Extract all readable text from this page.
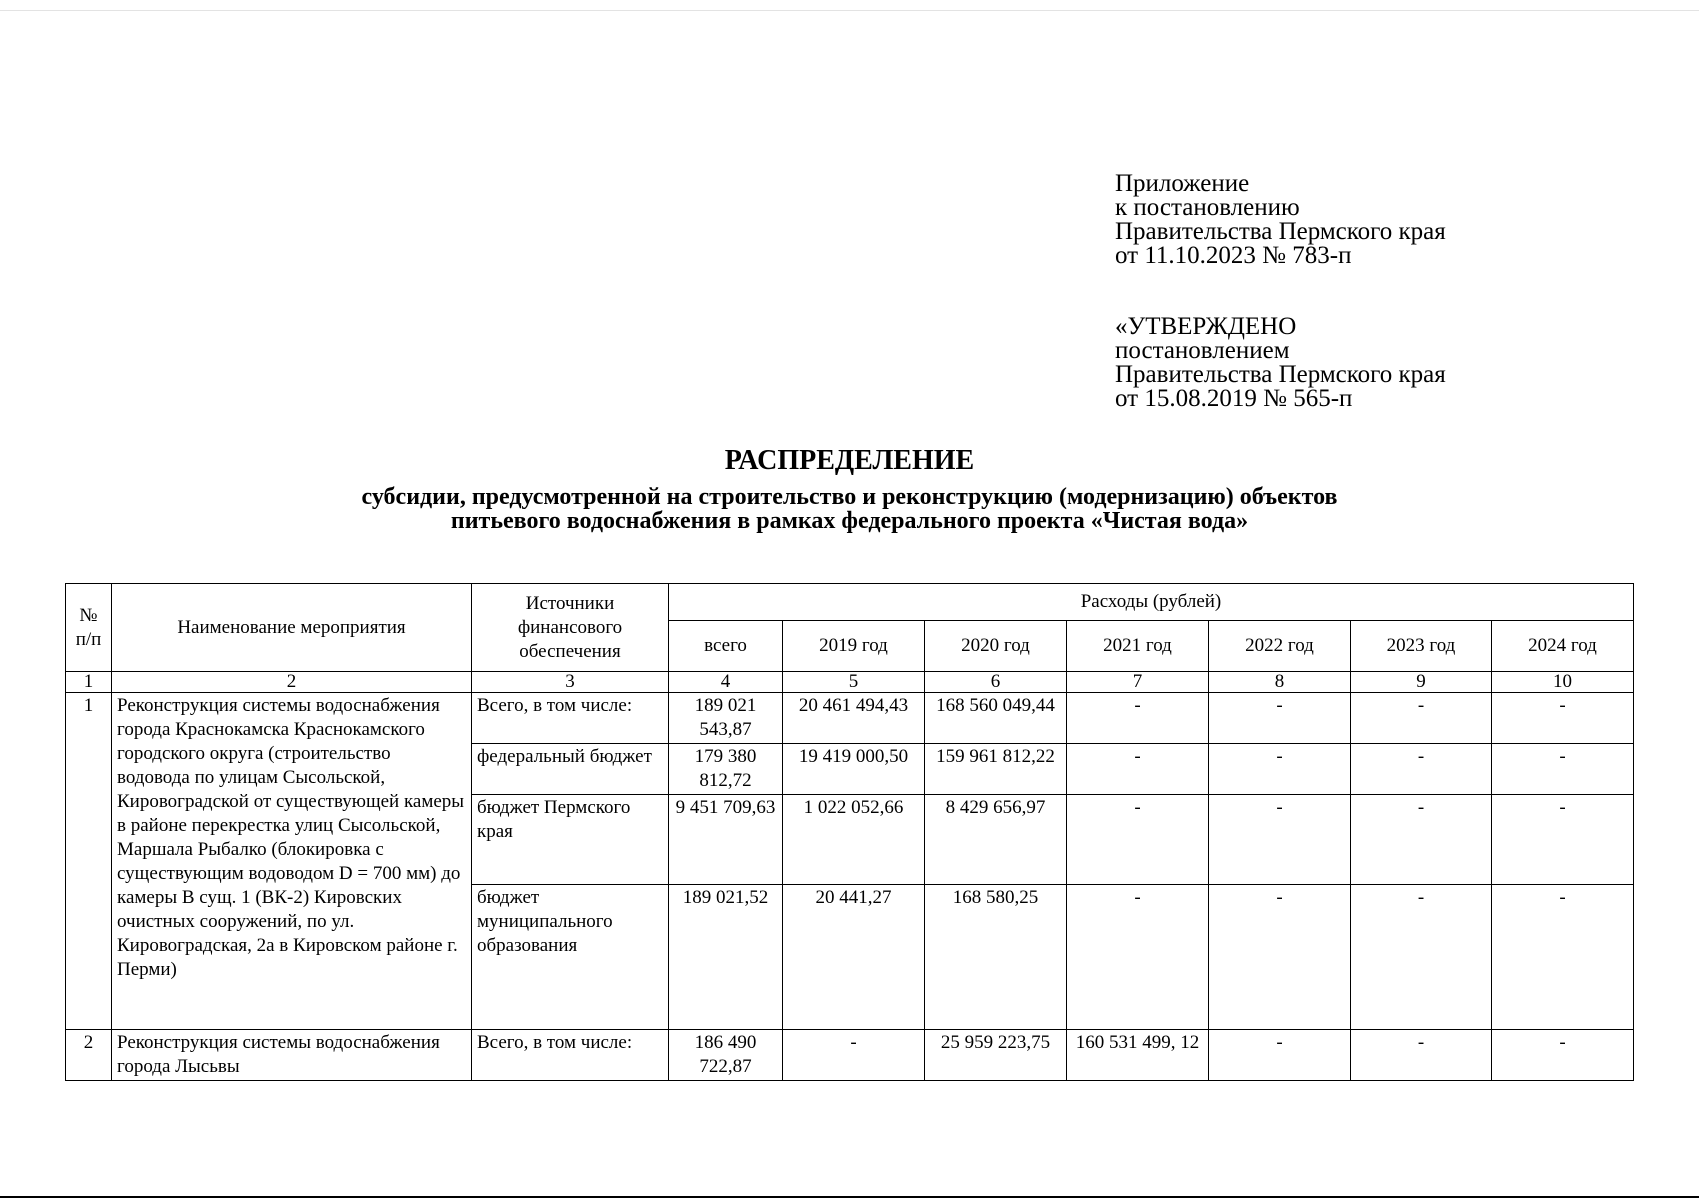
Приложение
к постановлению
Правительства Пермского края
от 11.10.2023 № 783-п
«УТВЕРЖДЕНО
постановлением
Правительства Пермского края
от 15.08.2019 № 565-п
РАСПРЕДЕЛЕНИЕ
субсидии, предусмотренной на строительство и реконструкцию (модернизацию) объектов
питьевого водоснабжения в рамках федерального проекта «Чистая вода»
№ п/п	Наименование мероприятия	Источники финансового обеспечения	Расходы (рублей)						
			всего	2019 год	2020 год	2021 год	2022 год	2023 год	2024 год
1	2	3	4	5	6	7	8	9	10
1	Реконструкция системы водоснабжения города Краснокамска Краснокамского городского округа (строительство водовода по улицам Сысольской, Кировоградской от существующей камеры в районе перекрестка улиц Сысольской, Маршала Рыбалко (блокировка с существующим водоводом D = 700 мм) до камеры В сущ. 1 (ВК-2) Кировских очистных сооружений, по ул. Кировоградская, 2а в Кировском районе г. Перми)	Всего, в том числе:	189 021 543,87	20 461 494,43	168 560 049,44	-	-	-	-
		федеральный бюджет	179 380 812,72	19 419 000,50	159 961 812,22	-	-	-	-
		бюджет Пермского края	9 451 709,63	1 022 052,66	8 429 656,97	-	-	-	-
		бюджет муниципального образования	189 021,52	20 441,27	168 580,25	-	-	-	-
2	Реконструкция системы водоснабжения города Лысьвы	Всего, в том числе:	186 490 722,87	-	25 959 223,75	160 531 499, 12	-	-	-
